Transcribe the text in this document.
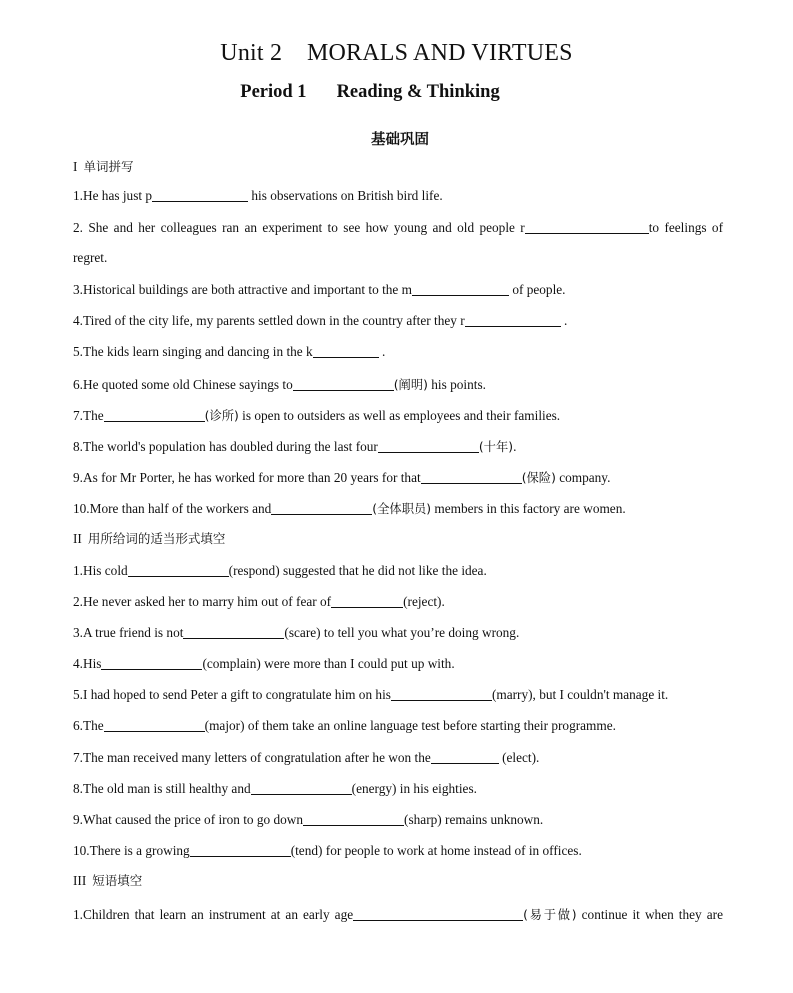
Unit 2    MORALS AND VIRTUES
Period 1 Reading & Thinking
基础巩固
I 单词拼写
1.He has just p	his observations on British bird life.
2. She and her colleagues ran an experiment to see how young and old people r	to feelings of
regret.
3.Historical buildings are both attractive and important to the m	of people.
4.Tired of the city life, my parents settled down in the country after they r	.
5.The kids learn singing and dancing in the k	.
6.He quoted some old Chinese sayings to	(阐明) his points.
7.The	(诊所) is open to outsiders as well as employees and their families.
8.The world's population has doubled during the last four	(十年).
9.As for Mr Porter, he has worked for more than 20 years for that	(保险) company.
10.More than half of the workers and	(全体职员) members in this factory are women.
II 用所给词的适当形式填空
1.His cold	(respond) suggested that he did not like the idea.
2.He never asked her to marry him out of fear of	(reject).
3.A true friend is not	(scare) to tell you what you’re doing wrong.
4.His	(complain) were more than I could put up with.
5.I had hoped to send Peter a gift to congratulate him on his	(marry), but I couldn't manage it.
6.The	(major) of them take an online language test before starting their programme.
7.The man received many letters of congratulation after he won the	(elect).
8.The old man is still healthy and	(energy) in his eighties.
9.What caused the price of iron to go down	(sharp) remains unknown.
10.There is a growing	(tend) for people to work at home instead of in offices.
III 短语填空
1.Children that learn an instrument at an early age	(易于做) continue it when they are
